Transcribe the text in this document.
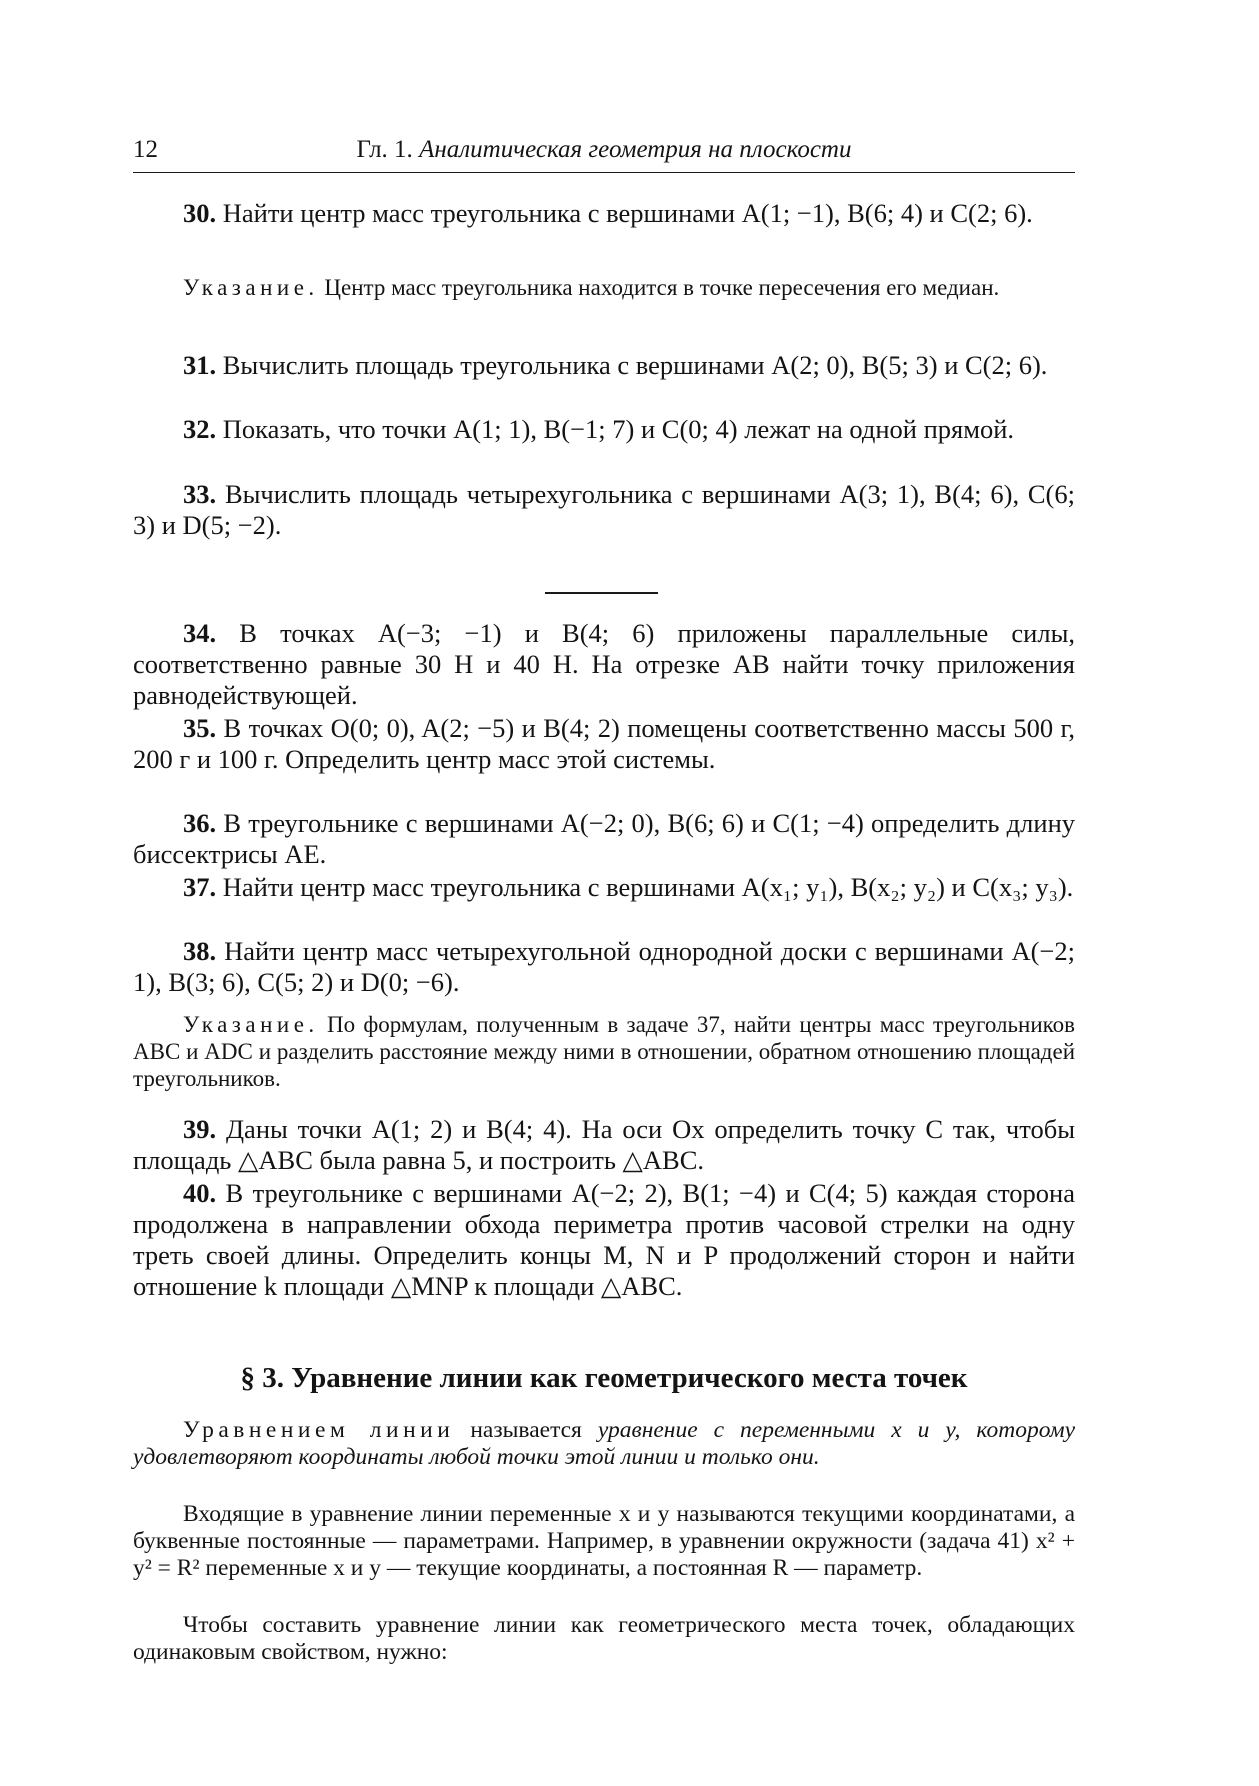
12	Гл. 1. Аналитическая геометрия на плоскости

30. Найти центр масс треугольника с вершинами A(1; −1), B(6; 4) и C(2; 6).

Указание. Центр масс треугольника находится в точке пересечения его медиан.

31. Вычислить площадь треугольника с вершинами A(2; 0), B(5; 3) и C(2; 6).

32. Показать, что точки A(1; 1), B(−1; 7) и C(0; 4) лежат на одной прямой.

33. Вычислить площадь четырехугольника с вершинами A(3; 1), B(4; 6), C(6; 3) и D(5; −2).

34. В точках A(−3; −1) и B(4; 6) приложены параллельные силы, соответственно равные 30 Н и 40 Н. На отрезке AB найти точку приложения равнодействующей.

35. В точках O(0; 0), A(2; −5) и B(4; 2) помещены соответственно массы 500 г, 200 г и 100 г. Определить центр масс этой системы.

36. В треугольнике с вершинами A(−2; 0), B(6; 6) и C(1; −4) определить длину биссектрисы AE.

37. Найти центр масс треугольника с вершинами A(x₁; y₁), B(x₂; y₂) и C(x₃; y₃).

38. Найти центр масс четырехугольной однородной доски с вершинами A(−2; 1), B(3; 6), C(5; 2) и D(0; −6).

Указание. По формулам, полученным в задаче 37, найти центры масс треугольников ABC и ADC и разделить расстояние между ними в отношении, обратном отношению площадей треугольников.

39. Даны точки A(1; 2) и B(4; 4). На оси Ox определить точку C так, чтобы площадь △ABC была равна 5, и построить △ABC.

40. В треугольнике с вершинами A(−2; 2), B(1; −4) и C(4; 5) каждая сторона продолжена в направлении обхода периметра против часовой стрелки на одну треть своей длины. Определить концы M, N и P продолжений сторон и найти отношение k площади △MNP к площади △ABC.

§ 3. Уравнение линии как геометрического места точек

Уравнением линии называется уравнение с переменными x и y, которому удовлетворяют координаты любой точки этой линии и только они.

Входящие в уравнение линии переменные x и y называются текущими координатами, а буквенные постоянные — параметрами. Например, в уравнении окружности (задача 41) x² + y² = R² переменные x и y — текущие координаты, а постоянная R — параметр.

Чтобы составить уравнение линии как геометрического места точек, обладающих одинаковым свойством, нужно:
